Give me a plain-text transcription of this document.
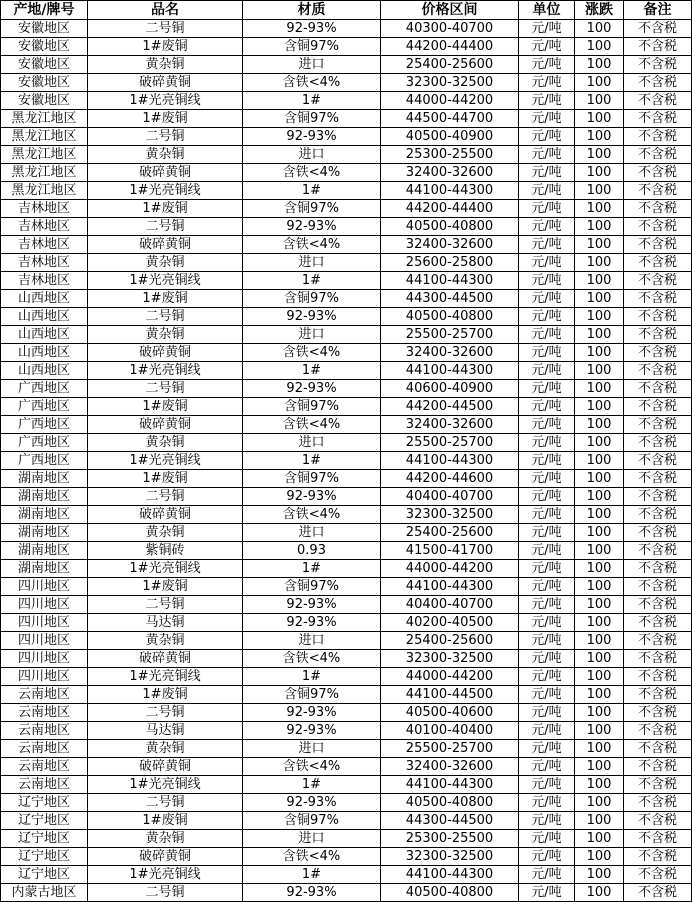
产地/牌号	品名	材质	价格区间	单位	涨跌	备注
安徽地区	二号铜	92-93%	40300-40700	元/吨	100	不含税
安徽地区	1#废铜	含铜97%	44200-44400	元/吨	100	不含税
安徽地区	黄杂铜	进口	25400-25600	元/吨	100	不含税
安徽地区	破碎黄铜	含铁<4%	32300-32500	元/吨	100	不含税
安徽地区	1#光亮铜线	1#	44000-44200	元/吨	100	不含税
黑龙江地区	1#废铜	含铜97%	44500-44700	元/吨	100	不含税
黑龙江地区	二号铜	92-93%	40500-40900	元/吨	100	不含税
黑龙江地区	黄杂铜	进口	25300-25500	元/吨	100	不含税
黑龙江地区	破碎黄铜	含铁<4%	32400-32600	元/吨	100	不含税
黑龙江地区	1#光亮铜线	1#	44100-44300	元/吨	100	不含税
吉林地区	1#废铜	含铜97%	44200-44400	元/吨	100	不含税
吉林地区	二号铜	92-93%	40500-40800	元/吨	100	不含税
吉林地区	破碎黄铜	含铁<4%	32400-32600	元/吨	100	不含税
吉林地区	黄杂铜	进口	25600-25800	元/吨	100	不含税
吉林地区	1#光亮铜线	1#	44100-44300	元/吨	100	不含税
山西地区	1#废铜	含铜97%	44300-44500	元/吨	100	不含税
山西地区	二号铜	92-93%	40500-40800	元/吨	100	不含税
山西地区	黄杂铜	进口	25500-25700	元/吨	100	不含税
山西地区	破碎黄铜	含铁<4%	32400-32600	元/吨	100	不含税
山西地区	1#光亮铜线	1#	44100-44300	元/吨	100	不含税
广西地区	二号铜	92-93%	40600-40900	元/吨	100	不含税
广西地区	1#废铜	含铜97%	44200-44500	元/吨	100	不含税
广西地区	破碎黄铜	含铁<4%	32400-32600	元/吨	100	不含税
广西地区	黄杂铜	进口	25500-25700	元/吨	100	不含税
广西地区	1#光亮铜线	1#	44100-44300	元/吨	100	不含税
湖南地区	1#废铜	含铜97%	44200-44600	元/吨	100	不含税
湖南地区	二号铜	92-93%	40400-40700	元/吨	100	不含税
湖南地区	破碎黄铜	含铁<4%	32300-32500	元/吨	100	不含税
湖南地区	黄杂铜	进口	25400-25600	元/吨	100	不含税
湖南地区	紫铜砖	0.93	41500-41700	元/吨	100	不含税
湖南地区	1#光亮铜线	1#	44000-44200	元/吨	100	不含税
四川地区	1#废铜	含铜97%	44100-44300	元/吨	100	不含税
四川地区	二号铜	92-93%	40400-40700	元/吨	100	不含税
四川地区	马达铜	92-93%	40200-40500	元/吨	100	不含税
四川地区	黄杂铜	进口	25400-25600	元/吨	100	不含税
四川地区	破碎黄铜	含铁<4%	32300-32500	元/吨	100	不含税
四川地区	1#光亮铜线	1#	44000-44200	元/吨	100	不含税
云南地区	1#废铜	含铜97%	44100-44500	元/吨	100	不含税
云南地区	二号铜	92-93%	40500-40600	元/吨	100	不含税
云南地区	马达铜	92-93%	40100-40400	元/吨	100	不含税
云南地区	黄杂铜	进口	25500-25700	元/吨	100	不含税
云南地区	破碎黄铜	含铁<4%	32400-32600	元/吨	100	不含税
云南地区	1#光亮铜线	1#	44100-44300	元/吨	100	不含税
辽宁地区	二号铜	92-93%	40500-40800	元/吨	100	不含税
辽宁地区	1#废铜	含铜97%	44300-44500	元/吨	100	不含税
辽宁地区	黄杂铜	进口	25300-25500	元/吨	100	不含税
辽宁地区	破碎黄铜	含铁<4%	32300-32500	元/吨	100	不含税
辽宁地区	1#光亮铜线	1#	44100-44300	元/吨	100	不含税
内蒙古地区	二号铜	92-93%	40500-40800	元/吨	100	不含税
